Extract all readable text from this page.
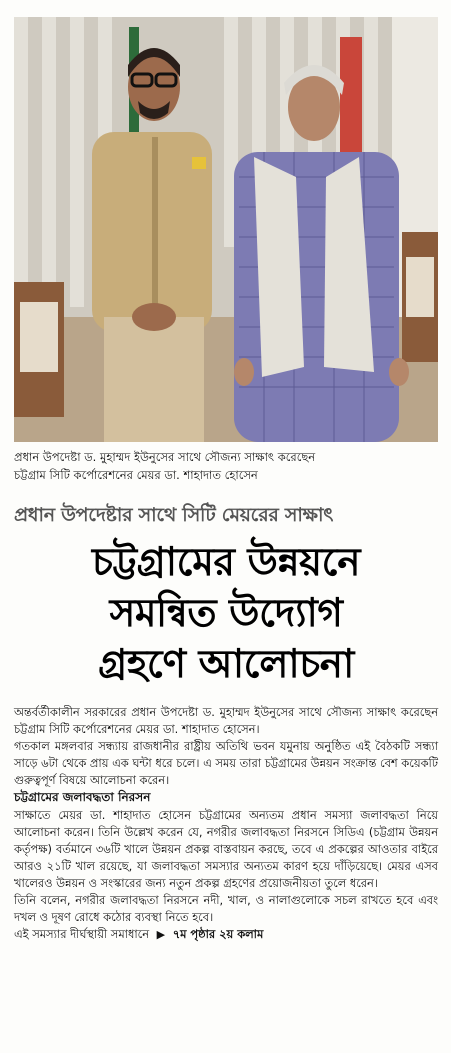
প্রধান উপদেষ্টা ড. মুহাম্মদ ইউনুসের সাথে সৌজন্য সাক্ষাৎ করেছেন
চট্টগ্রাম সিটি কর্পোরেশনের মেয়র ডা. শাহাদাত হোসেন
প্রধান উপদেষ্টার সাথে সিটি মেয়রের সাক্ষাৎ
চট্টগ্রামের উন্নয়নে
সমন্বিত উদ্যোগ
গ্রহণে আলোচনা

অন্তর্বর্তীকালীন সরকারের প্রধান উপদেষ্টা ড. মুহাম্মদ ইউনুসের সাথে সৌজন্য সাক্ষাৎ করেছেন চট্টগ্রাম সিটি কর্পোরেশনের মেয়র ডা. শাহাদাত হোসেন।

গতকাল মঙ্গলবার সন্ধ্যায় রাজধানীর রাষ্ট্রীয় অতিথি ভবন যমুনায় অনুষ্ঠিত এই বৈঠকটি সন্ধ্যা সাড়ে ৬টা থেকে প্রায় এক ঘন্টা ধরে চলে। এ সময় তারা চট্টগ্রামের উন্নয়ন সংক্রান্ত বেশ কয়েকটি গুরুত্বপূর্ণ বিষয়ে আলোচনা করেন।

চট্টগ্রামের জলাবদ্ধতা নিরসন

সাক্ষাতে মেয়র ডা. শাহাদাত হোসেন চট্টগ্রামের অন্যতম প্রধান সমস্যা জলাবদ্ধতা নিয়ে আলোচনা করেন। তিনি উল্লেখ করেন যে, নগরীর জলাবদ্ধতা নিরসনে সিডিএ (চট্টগ্রাম উন্নয়ন কর্তৃপক্ষ) বর্তমানে ৩৬টি খালে উন্নয়ন প্রকল্প বাস্তবায়ন করছে, তবে এ প্রকল্পের আওতার বাইরে আরও ২১টি খাল রয়েছে, যা জলাবদ্ধতা সমস্যার অন্যতম কারণ হয়ে দাঁড়িয়েছে। মেয়র এসব খালেরও উন্নয়ন ও সংস্কারের জন্য নতুন প্রকল্প গ্রহণের প্রয়োজনীয়তা তুলে ধরেন।

তিনি বলেন, নগরীর জলাবদ্ধতা নিরসনে নদী, খাল, ও নালাগুলোকে সচল রাখতে হবে এবং দখল ও দূষণ রোধে কঠোর ব্যবস্থা নিতে হবে।

এই সমস্যার দীর্ঘস্থায়ী সমাধানে ▶ ৭ম পৃষ্ঠার ২য় কলাম
